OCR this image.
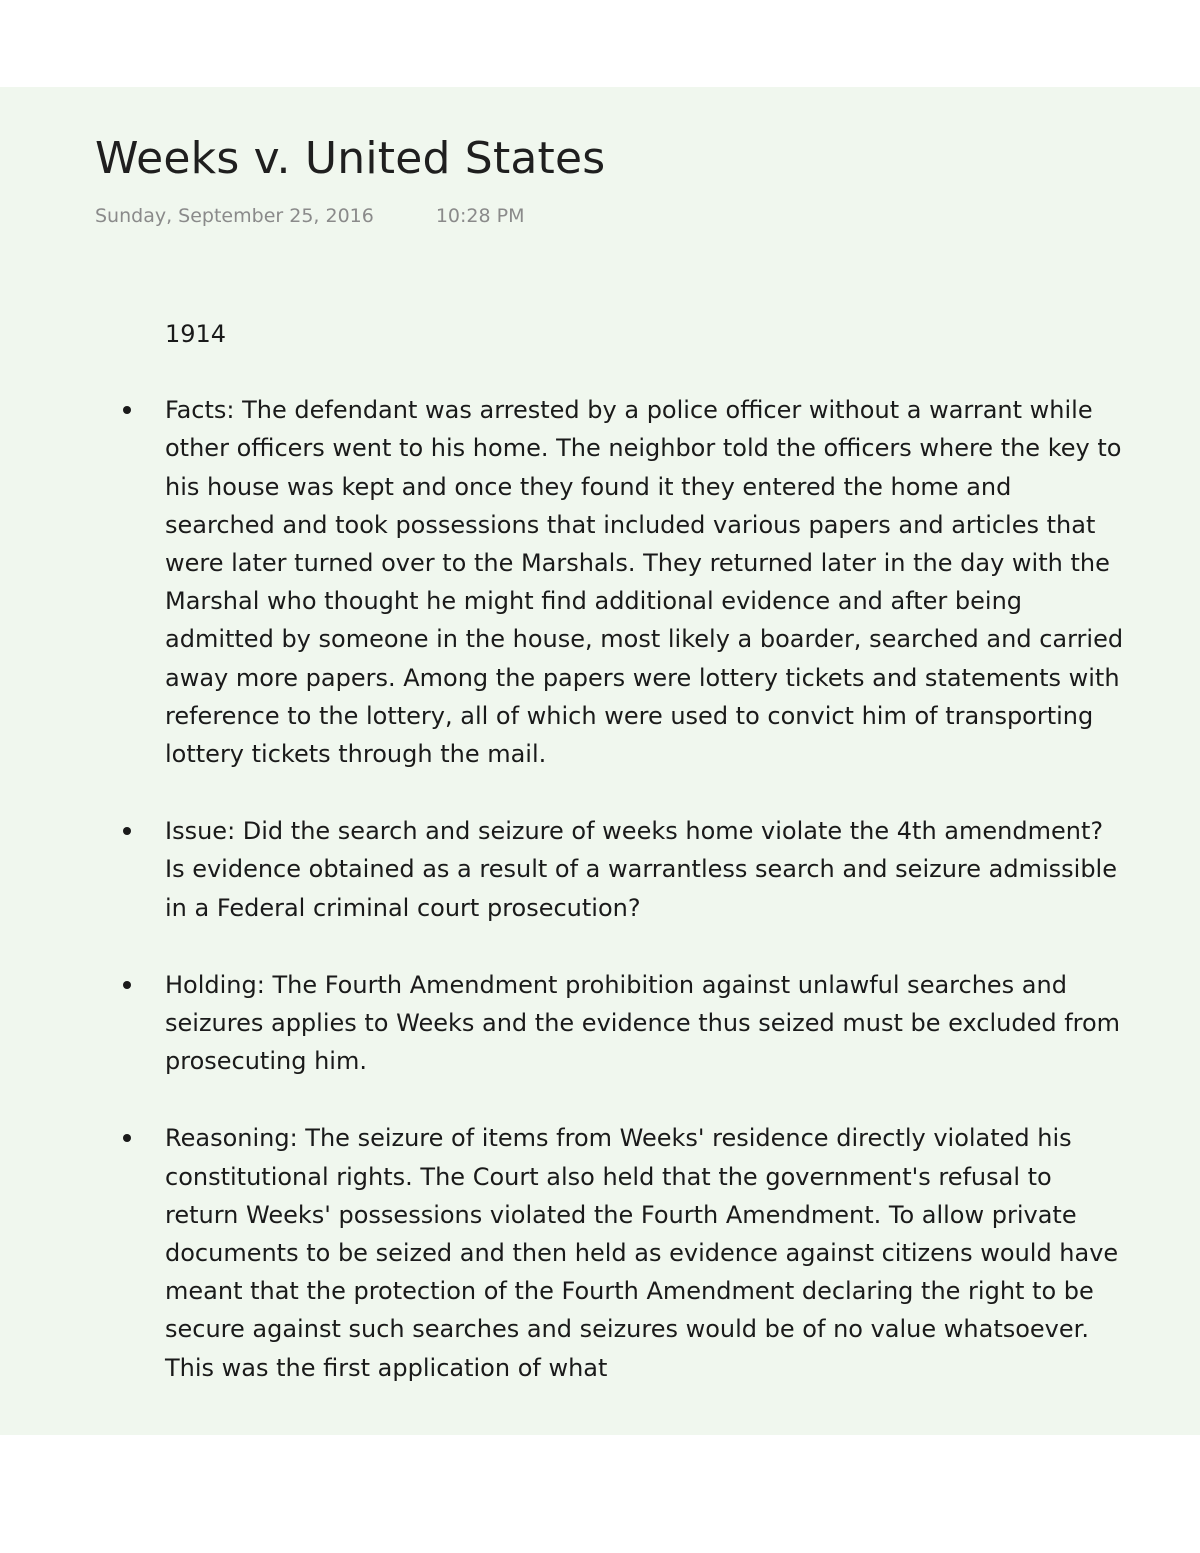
Weeks v. United States
Sunday, September 25, 2016	10:28 PM
1914
Facts: The defendant was arrested by a police officer without a warrant while other officers went to his home. The neighbor told the officers where the key to his house was kept and once they found it they entered the home and searched and took possessions that included various papers and articles that were later turned over to the Marshals. They returned later in the day with the Marshal who thought he might find additional evidence and after being admitted by someone in the house, most likely a boarder, searched and carried away more papers. Among the papers were lottery tickets and statements with reference to the lottery, all of which were used to convict him of transporting lottery tickets through the mail.
Issue: Did the search and seizure of weeks home violate the 4th amendment? Is evidence obtained as a result of a warrantless search and seizure admissible in a Federal criminal court prosecution?
Holding: The Fourth Amendment prohibition against unlawful searches and seizures applies to Weeks and the evidence thus seized must be excluded from prosecuting him.
Reasoning: The seizure of items from Weeks' residence directly violated his constitutional rights. The Court also held that the government's refusal to return Weeks' possessions violated the Fourth Amendment. To allow private documents to be seized and then held as evidence against citizens would have meant that the protection of the Fourth Amendment declaring the right to be secure against such searches and seizures would be of no value whatsoever. This was the first application of what
